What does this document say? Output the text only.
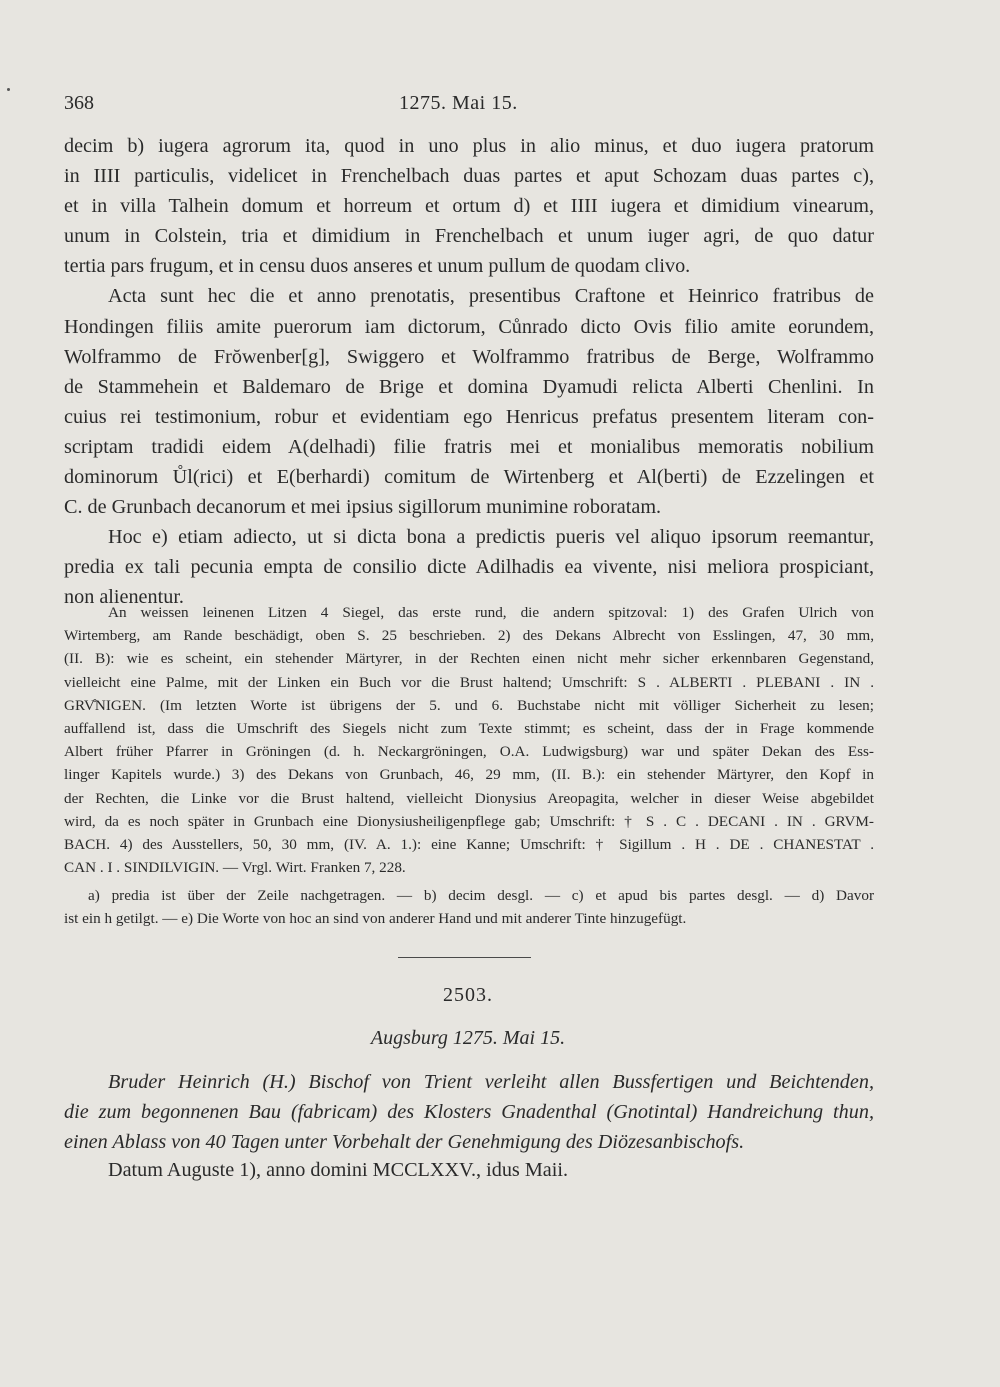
368	1275. Mai 15.
decim b) iugera agrorum ita, quod in uno plus in alio minus, et duo iugera pratorum
in IIII particulis, videlicet in Frenchelbach duas partes et aput Schozam duas partes c),
et in villa Talhein domum et horreum et ortum d) et IIII iugera et dimidium vinearum,
unum in Colstein, tria et dimidium in Frenchelbach et unum iuger agri, de quo datur
tertia pars frugum, et in censu duos anseres et unum pullum de quodam clivo.
Acta sunt hec die et anno prenotatis, presentibus Craftone et Heinrico fratribus de
Hondingen filiis amite puerorum iam dictorum, Cůnrado dicto Ovis filio amite eorundem,
Wolframmo de Frŏwenber[g], Swiggero et Wolframmo fratribus de Berge, Wolframmo
de Stammehein et Baldemaro de Brige et domina Dyamudi relicta Alberti Chenlini. In
cuius rei testimonium, robur et evidentiam ego Henricus prefatus presentem literam con-
scriptam tradidi eidem A(delhadi) filie fratris mei et monialibus memoratis nobilium
dominorum Ůl(rici) et E(berhardi) comitum de Wirtenberg et Al(berti) de Ezzelingen et
C. de Grunbach decanorum et mei ipsius sigillorum munimine roboratam.
Hoc e) etiam adiecto, ut si dicta bona a predictis pueris vel aliquo ipsorum reemantur,
predia ex tali pecunia empta de consilio dicte Adilhadis ea vivente, nisi meliora prospiciant,
non alienentur.
An weissen leinenen Litzen 4 Siegel, das erste rund, die andern spitzoval: 1) des Grafen Ulrich von
Wirtemberg, am Rande beschädigt, oben S. 25 beschrieben. 2) des Dekans Albrecht von Esslingen, 47, 30 mm,
(II. B): wie es scheint, ein stehender Märtyrer, in der Rechten einen nicht mehr sicher erkennbaren Gegenstand,
vielleicht eine Palme, mit der Linken ein Buch vor die Brust haltend; Umschrift: S . ALBERTI . PLEBANI . IN .
GRV̊NIGEN. (Im letzten Worte ist übrigens der 5. und 6. Buchstabe nicht mit völliger Sicherheit zu lesen;
auffallend ist, dass die Umschrift des Siegels nicht zum Texte stimmt; es scheint, dass der in Frage kommende
Albert früher Pfarrer in Gröningen (d. h. Neckargröningen, O.A. Ludwigsburg) war und später Dekan des Ess-
linger Kapitels wurde.) 3) des Dekans von Grunbach, 46, 29 mm, (II. B.): ein stehender Märtyrer, den Kopf in
der Rechten, die Linke vor die Brust haltend, vielleicht Dionysius Areopagita, welcher in dieser Weise abgebildet
wird, da es noch später in Grunbach eine Dionysiusheiligenpflege gab; Umschrift: † S . C . DECANI . IN . GRVM-
BACH. 4) des Ausstellers, 50, 30 mm, (IV. A. 1.): eine Kanne; Umschrift: † Sigillum . H . DE . CHANESTAT .
CAN . I . SINDILVIGIN. — Vrgl. Wirt. Franken 7, 228.
a) predia ist über der Zeile nachgetragen. — b) decim desgl. — c) et apud bis partes desgl. — d) Davor
ist ein h getilgt. — e) Die Worte von hoc an sind von anderer Hand und mit anderer Tinte hinzugefügt.
2503.
Augsburg 1275. Mai 15.
Bruder Heinrich (H.) Bischof von Trient verleiht allen Bussfertigen und Beichtenden,
die zum begonnenen Bau (fabricam) des Klosters Gnadenthal (Gnotintal) Handreichung thun,
einen Ablass von 40 Tagen unter Vorbehalt der Genehmigung des Diözesanbischofs.
Datum Auguste 1), anno domini MCCLXXV., idus Maii.
